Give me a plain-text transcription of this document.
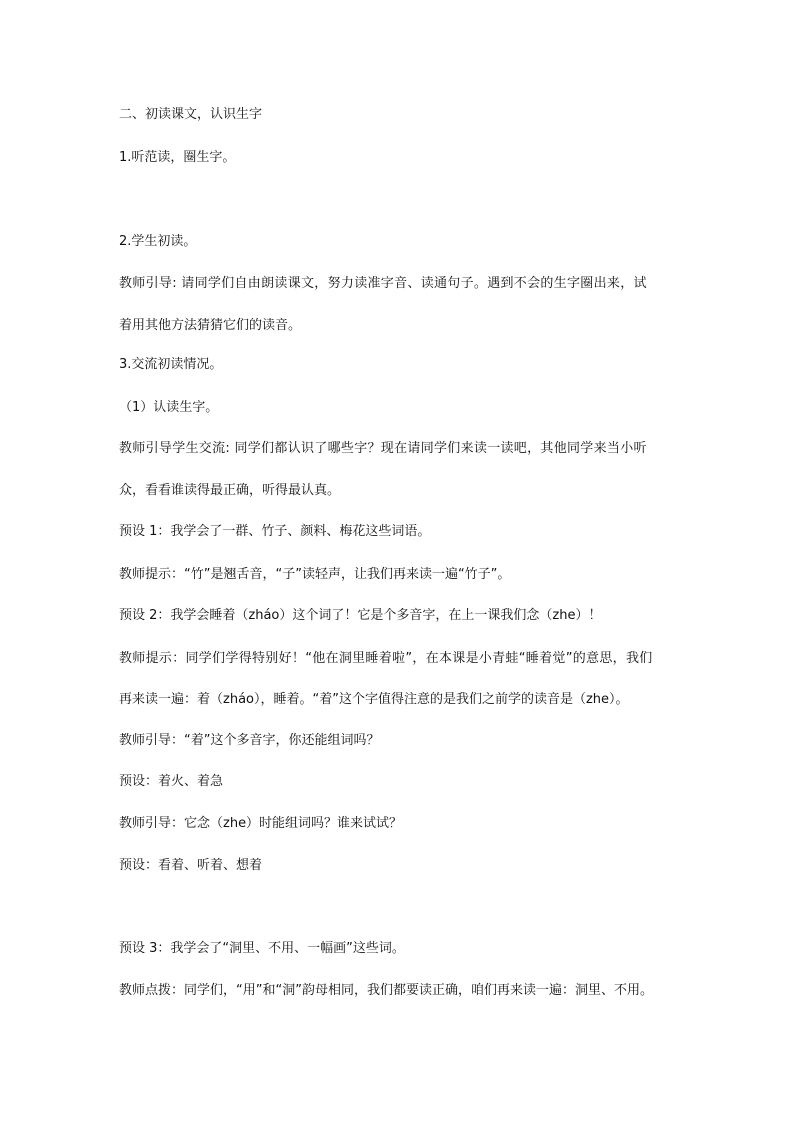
二、初读课文，认识生字

1.听范读，圈生字。

2.学生初读。

教师引导: 请同学们自由朗读课文，努力读准字音、读通句子。遇到不会的生字圈出来，试

着用其他方法猜猜它们的读音。

3.交流初读情况。

（1）认读生字。

教师引导学生交流: 同学们都认识了哪些字？现在请同学们来读一读吧，其他同学来当小听

众，看看谁读得最正确，听得最认真。

预设 1：我学会了一群、竹子、颜料、梅花这些词语。

教师提示：“竹”是翘舌音，“子”读轻声，让我们再来读一遍“竹子”。

预设 2：我学会睡着（zháo）这个词了！它是个多音字，在上一课我们念（zhe）！

教师提示：同学们学得特别好！“他在洞里睡着啦”，在本课是小青蛙“睡着觉”的意思，我们

再来读一遍：着（zháo），睡着。“着”这个字值得注意的是我们之前学的读音是（zhe）。

教师引导：“着”这个多音字，你还能组词吗？

预设：着火、着急

教师引导：它念（zhe）时能组词吗？谁来试试？

预设：看着、听着、想着

预设 3：我学会了“洞里、不用、一幅画”这些词。

教师点拨：同学们，“用”和“洞”韵母相同，我们都要读正确，咱们再来读一遍：洞里、不用。
